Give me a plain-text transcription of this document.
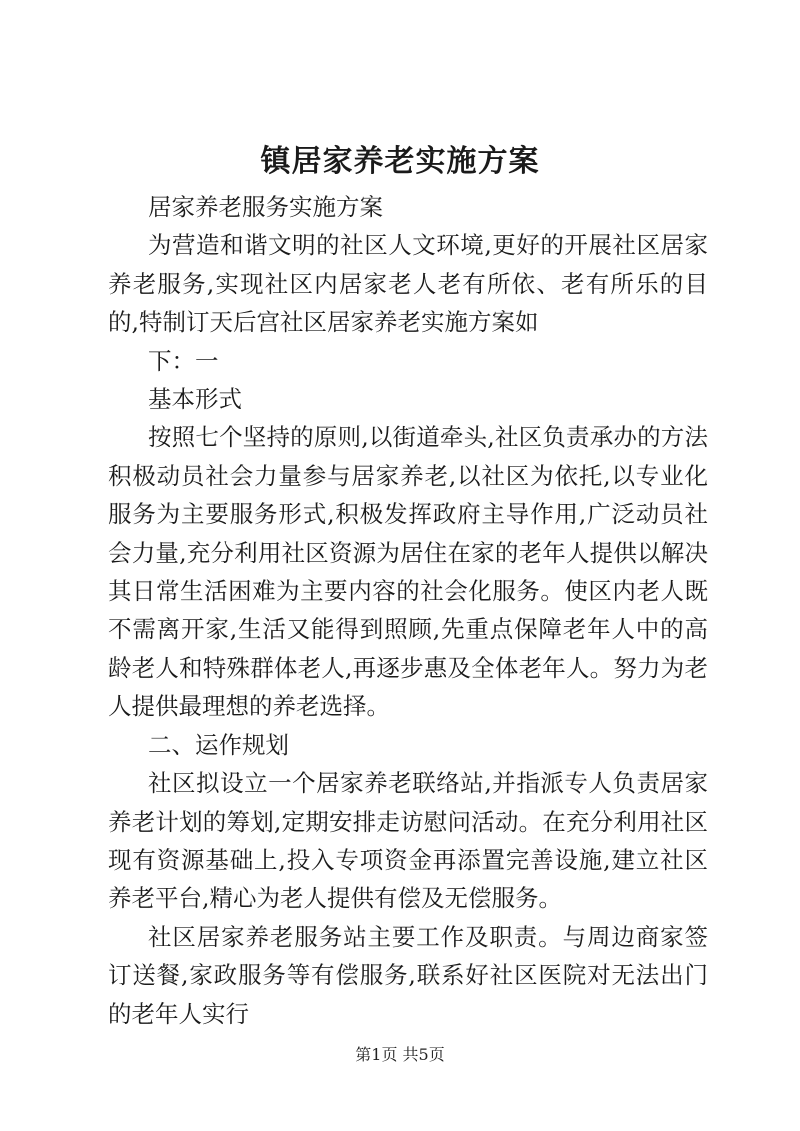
镇居家养老实施方案

居家养老服务实施方案

为营造和谐文明的社区人文环境,更好的开展社区居家养老服务,实现社区内居家老人老有所依、老有所乐的目的,特制订天后宫社区居家养老实施方案如

下：一

基本形式

按照七个坚持的原则,以街道牵头,社区负责承办的方法积极动员社会力量参与居家养老,以社区为依托,以专业化服务为主要服务形式,积极发挥政府主导作用,广泛动员社会力量,充分利用社区资源为居住在家的老年人提供以解决其日常生活困难为主要内容的社会化服务。使区内老人既不需离开家,生活又能得到照顾,先重点保障老年人中的高龄老人和特殊群体老人,再逐步惠及全体老年人。努力为老人提供最理想的养老选择。

二、运作规划

社区拟设立一个居家养老联络站,并指派专人负责居家养老计划的筹划,定期安排走访慰问活动。在充分利用社区现有资源基础上,投入专项资金再添置完善设施,建立社区养老平台,精心为老人提供有偿及无偿服务。

社区居家养老服务站主要工作及职责。与周边商家签订送餐,家政服务等有偿服务,联系好社区医院对无法出门的老年人实行

第1页 共5页
